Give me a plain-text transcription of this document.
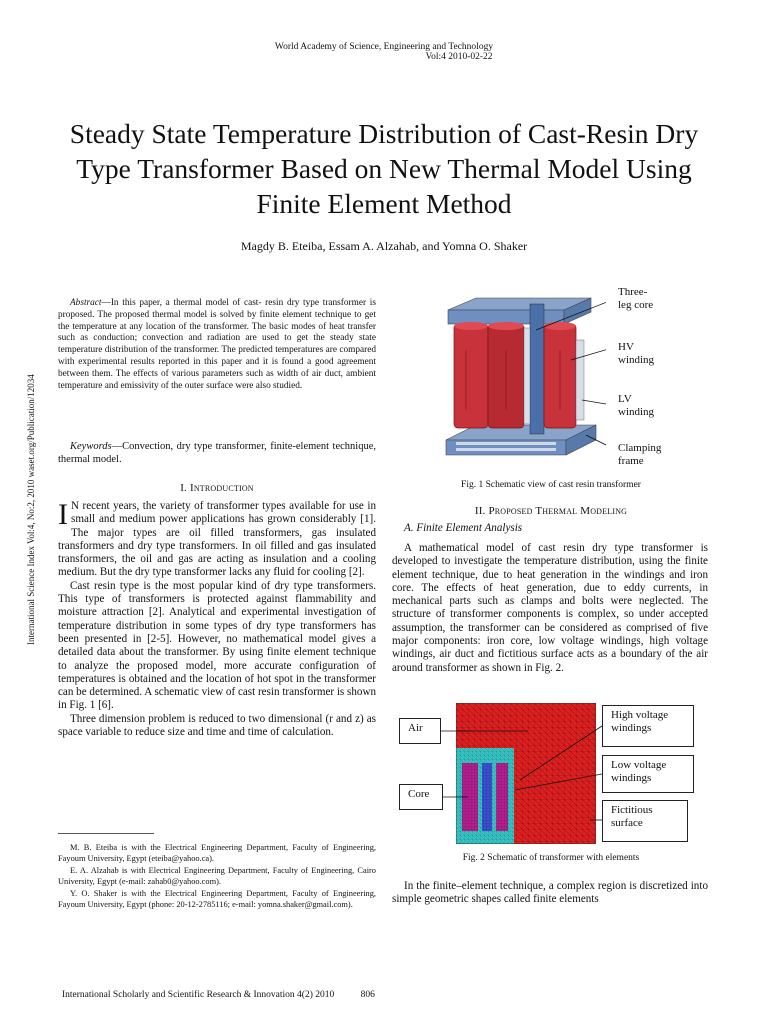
World Academy of Science, Engineering and Technology
Vol:4 2010-02-22
Steady State Temperature Distribution of Cast-Resin Dry Type Transformer Based on New Thermal Model Using Finite Element Method
Magdy B. Eteiba, Essam A. Alzahab, and Yomna O. Shaker
International Science Index Vol:4, No:2, 2010 waset.org/Publication/12034

Abstract—In this paper, a thermal model of cast- resin dry type transformer is proposed. The proposed thermal model is solved by finite element technique to get the temperature at any location of the transformer. The basic modes of heat transfer such as conduction; convection and radiation are used to get the steady state temperature distribution of the transformer. The predicted temperatures are compared with experimental results reported in this paper and it is found a good agreement between them. The effects of various parameters such as width of air duct, ambient temperature and emissivity of the outer surface were also studied.

Keywords—Convection, dry type transformer, finite-element technique, thermal model.

I. Introduction

I N recent years, the variety of transformer types available for use in small and medium power applications has grown considerably [1]. The major types are oil filled transformers, gas insulated transformers and dry type transformers. In oil filled and gas insulated transformers, the oil and gas are acting as insulation and a cooling medium. But the dry type transformer lacks any fluid for cooling [2].

Cast resin type is the most popular kind of dry type transformers. This type of transformers is protected against flammability and moisture attraction [2]. Analytical and experimental investigation of temperature distribution in some types of dry type transformers has been presented in [2-5]. However, no mathematical model gives a detailed data about the transformer. By using finite element technique to analyze the proposed model, more accurate configuration of temperatures is obtained and the location of hot spot in the transformer can be determined. A schematic view of cast resin transformer is shown in Fig. 1 [6].

Three dimension problem is reduced to two dimensional (r and z) as space variable to reduce size and time and time of calculation.

M. B. Eteiba is with the Electrical Engineering Department, Faculty of Engineering, Fayoum University, Egypt (eteiba@yahoo.ca).

E. A. Alzahab is with Electrical Engineering Department, Faculty of Engineering, Cairo University, Egypt (e-mail: zahab0@yahoo.com).

Y. O. Shaker is with the Electrical Engineering Department, Faculty of Engineering, Fayoum University, Egypt (phone: 20-12-2785116; e-mail: yomna.shaker@gmail.com).

Three-
leg core
HV
winding
LV
winding
Clamping
frame
Fig. 1 Schematic view of cast resin transformer
II. Proposed Thermal Modeling
A. Finite Element Analysis

A mathematical model of cast resin dry type transformer is developed to investigate the temperature distribution, using the finite element technique, due to heat generation in the windings and iron core. The effects of heat generation, due to eddy currents, in mechanical parts such as clamps and bolts were neglected. The structure of transformer components is complex, so under accepted assumption, the transformer can be considered as comprised of five major components: iron core, low voltage windings, high voltage windings, air duct and fictitious surface acts as a boundary of the air around transformer as shown in Fig. 2.

Air
Core
High voltage windings
Low voltage windings
Fictitious surface
Fig. 2 Schematic of transformer with elements

In the finite–element technique, a complex region is discretized into simple geometric shapes called finite elements

International Scholarly and Scientific Research & Innovation 4(2) 2010	806
